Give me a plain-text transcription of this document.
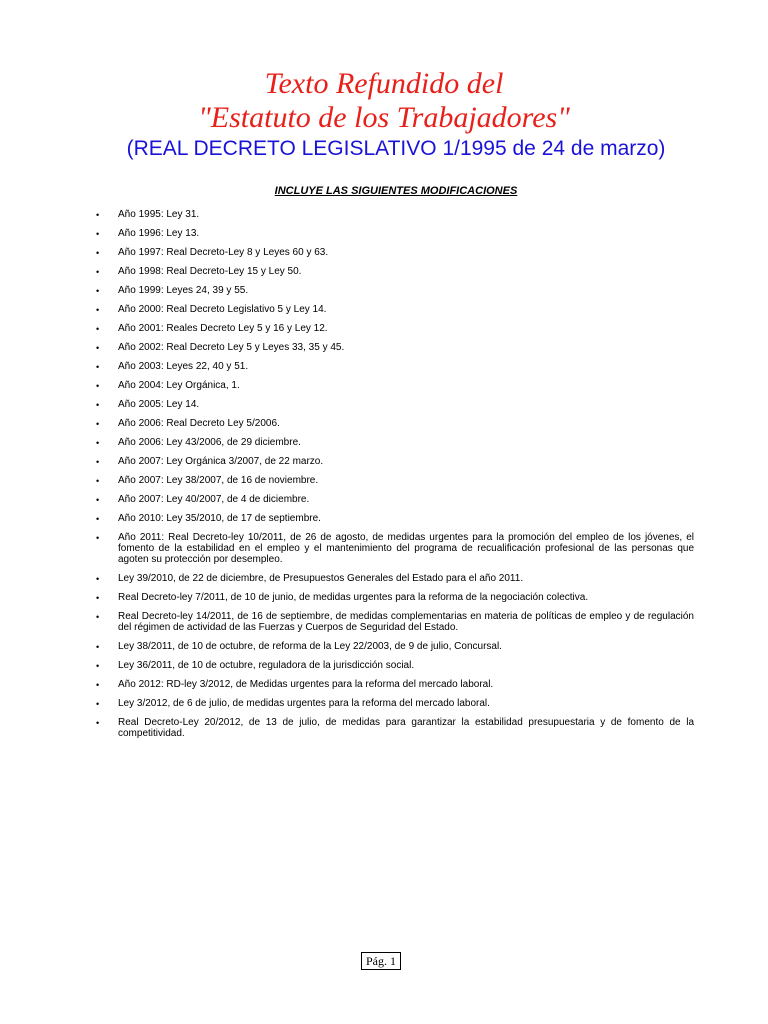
Texto Refundido del
"Estatuto de los Trabajadores"
(REAL DECRETO LEGISLATIVO 1/1995 de 24 de marzo)
INCLUYE LAS SIGUIENTES MODIFICACIONES
• Año 1995: Ley 31.
• Año 1996: Ley 13.
• Año 1997: Real Decreto-Ley 8 y Leyes 60 y 63.
• Año 1998: Real Decreto-Ley 15 y Ley 50.
• Año 1999: Leyes 24, 39 y 55.
• Año 2000: Real Decreto Legislativo 5 y Ley 14.
• Año 2001: Reales Decreto Ley 5 y 16 y Ley 12.
• Año 2002: Real Decreto Ley 5 y Leyes 33, 35 y 45.
• Año 2003: Leyes 22, 40 y 51.
• Año 2004: Ley Orgánica, 1.
• Año 2005: Ley 14.
• Año 2006: Real Decreto Ley 5/2006.
• Año 2006: Ley 43/2006, de 29 diciembre.
• Año 2007: Ley Orgánica 3/2007, de 22 marzo.
• Año 2007: Ley 38/2007, de 16 de noviembre.
• Año 2007: Ley 40/2007, de 4 de diciembre.
• Año 2010: Ley 35/2010, de 17 de septiembre.
• Año 2011: Real Decreto-ley 10/2011, de 26 de agosto, de medidas urgentes para la promoción del empleo de los jóvenes, el fomento de la estabilidad en el empleo y el mantenimiento del programa de recualificación profesional de las personas que agoten su protección por desempleo.
• Ley 39/2010, de 22 de diciembre, de Presupuestos Generales del Estado para el año 2011.
• Real Decreto-ley 7/2011, de 10 de junio, de medidas urgentes para la reforma de la negociación colectiva.
• Real Decreto-ley 14/2011, de 16 de septiembre, de medidas complementarias en materia de políticas de empleo y de regulación del régimen de actividad de las Fuerzas y Cuerpos de Seguridad del Estado.
• Ley 38/2011, de 10 de octubre, de reforma de la Ley 22/2003, de 9 de julio, Concursal.
• Ley 36/2011, de 10 de octubre, reguladora de la jurisdicción social.
• Año 2012: RD-ley 3/2012, de Medidas urgentes para la reforma del mercado laboral.
• Ley 3/2012, de 6 de julio, de medidas urgentes para la reforma del mercado laboral.
• Real Decreto-Ley 20/2012, de 13 de julio, de medidas para garantizar la estabilidad presupuestaria y de fomento de la competitividad.
Pág. 1
